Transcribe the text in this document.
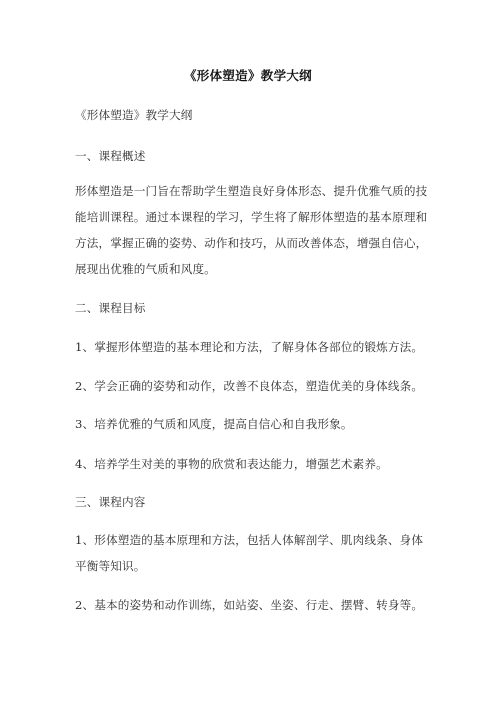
《形体塑造》教学大纲
《形体塑造》教学大纲
一、课程概述
形体塑造是一门旨在帮助学生塑造良好身体形态、提升优雅气质的技
能培训课程。通过本课程的学习，学生将了解形体塑造的基本原理和
方法，掌握正确的姿势、动作和技巧，从而改善体态，增强自信心，
展现出优雅的气质和风度。
二、课程目标
1、掌握形体塑造的基本理论和方法，了解身体各部位的锻炼方法。
2、学会正确的姿势和动作，改善不良体态，塑造优美的身体线条。
3、培养优雅的气质和风度，提高自信心和自我形象。
4、培养学生对美的事物的欣赏和表达能力，增强艺术素养。
三、课程内容
1、形体塑造的基本原理和方法，包括人体解剖学、肌肉线条、身体
平衡等知识。
2、基本的姿势和动作训练，如站姿、坐姿、行走、摆臂、转身等。
